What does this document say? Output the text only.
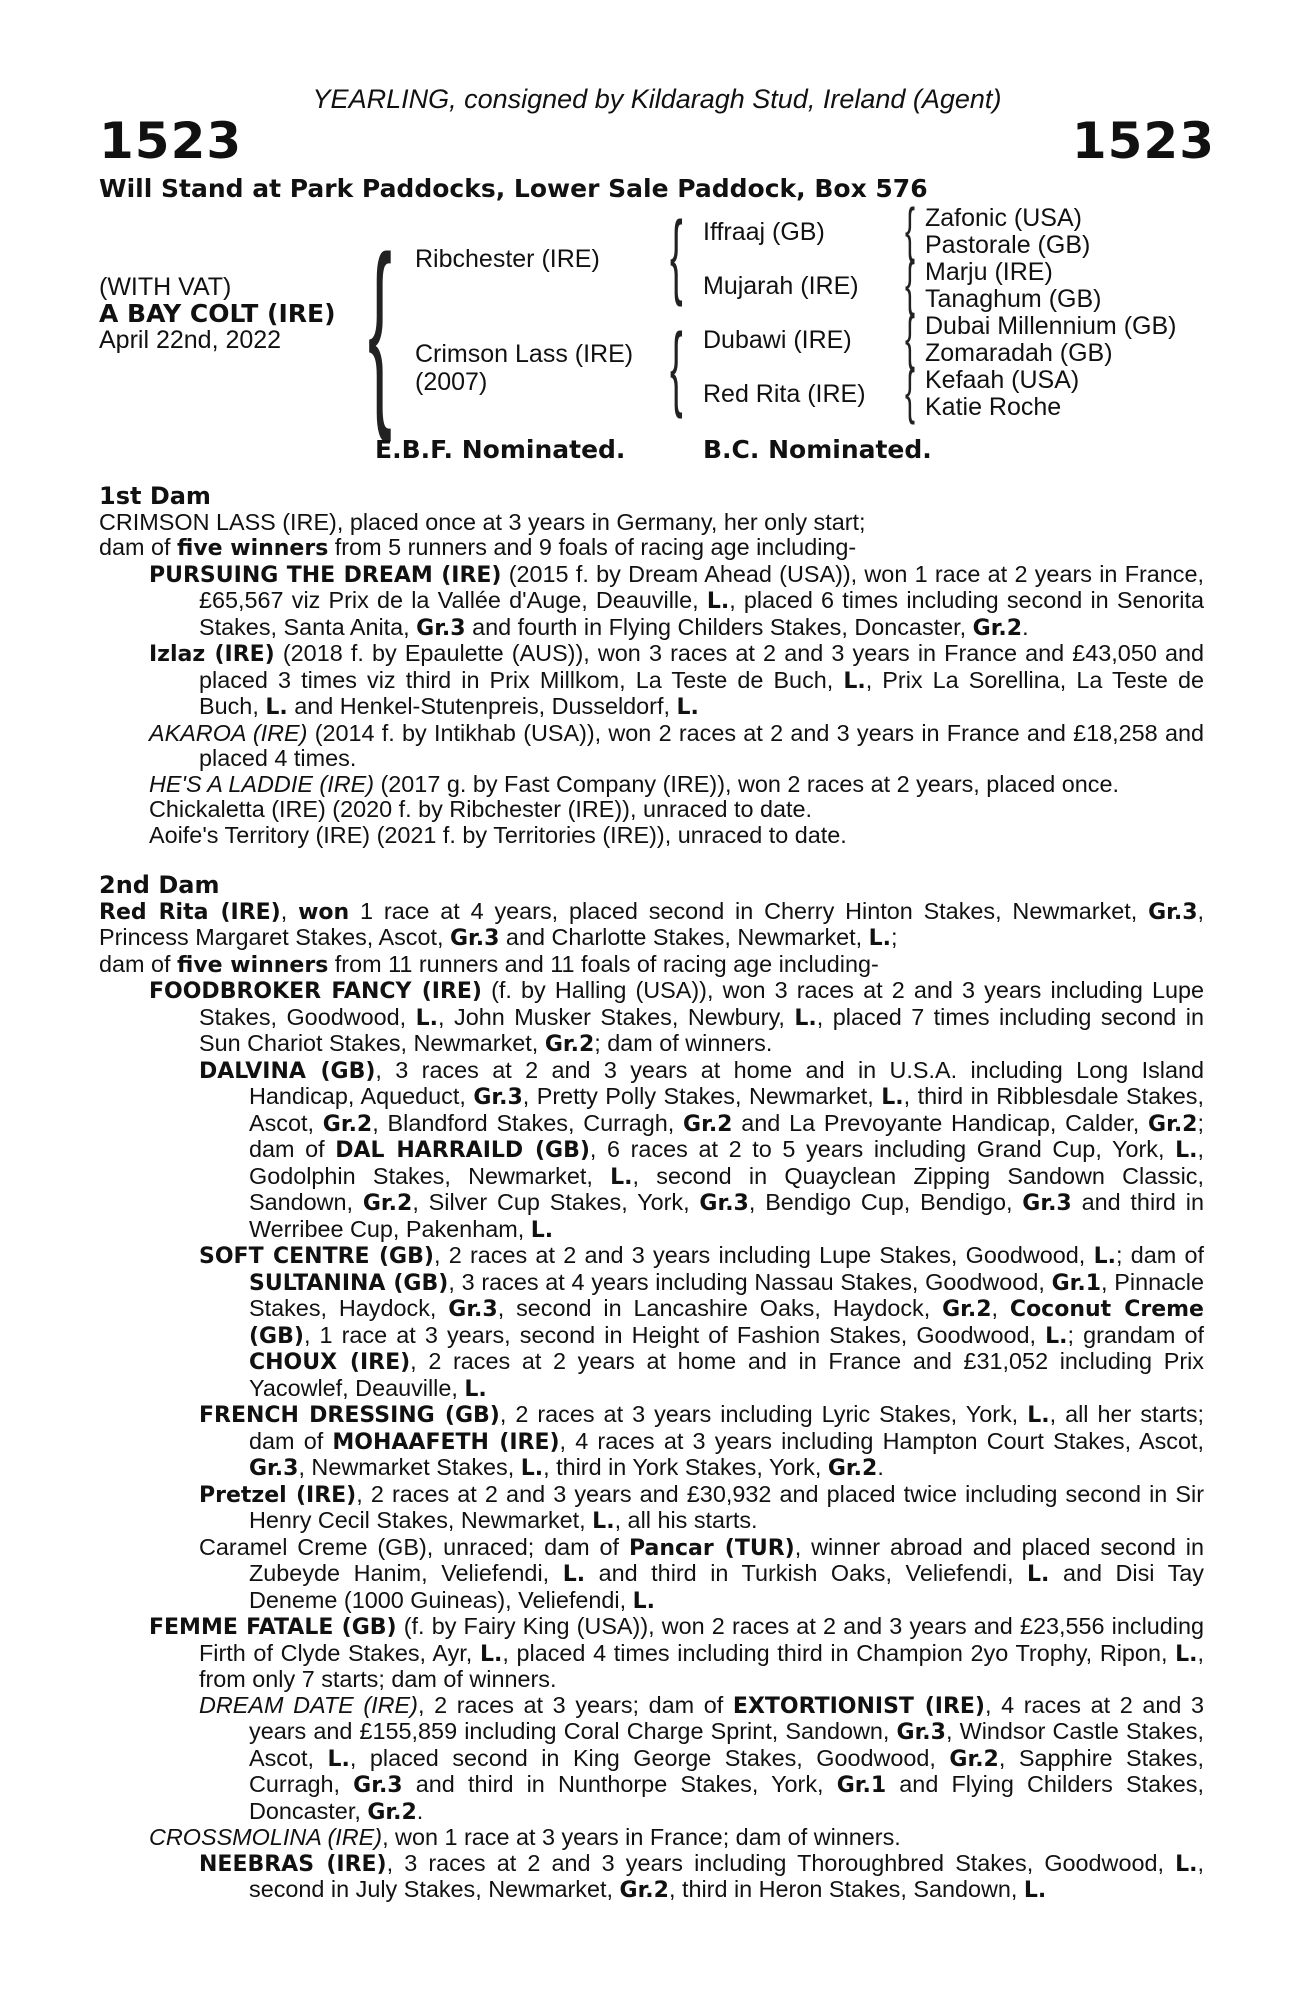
YEARLING, consigned by Kildaragh Stud, Ireland (Agent)
1523	1523
Will Stand at Park Paddocks, Lower Sale Paddock, Box 576
(WITH VAT)
A BAY COLT (IRE)
April 22nd, 2022 { Ribchester (IRE)
Crimson Lass (IRE)
(2007)
{
{
Iffraaj (GB)
Mujarah (IRE)
Dubawi (IRE)
Red Rita (IRE)
{
{
{
{
Zafonic (USA)
Pastorale (GB)
Marju (IRE)
Tanaghum (GB)
Dubai Millennium (GB)
Zomaradah (GB)
Kefaah (USA)
Katie Roche
E.B.F. Nominated.	B.C. Nominated.
1st Dam

CRIMSON LASS (IRE), placed once at 3 years in Germany, her only start;

dam of five winners from 5 runners and 9 foals of racing age including-

PURSUING THE DREAM (IRE) (2015 f. by Dream Ahead (USA)), won 1 race at 2 years in France, £65,567 viz Prix de la Vallée d'Auge, Deauville, L., placed 6 times including second in Senorita Stakes, Santa Anita, Gr.3 and fourth in Flying Childers Stakes, Doncaster, Gr.2.

Izlaz (IRE) (2018 f. by Epaulette (AUS)), won 3 races at 2 and 3 years in France and £43,050 and placed 3 times viz third in Prix Millkom, La Teste de Buch, L., Prix La Sorellina, La Teste de Buch, L. and Henkel-Stutenpreis, Dusseldorf, L.

AKAROA (IRE) (2014 f. by Intikhab (USA)), won 2 races at 2 and 3 years in France and £18,258 and placed 4 times.

HE'S A LADDIE (IRE) (2017 g. by Fast Company (IRE)), won 2 races at 2 years, placed once.

Chickaletta (IRE) (2020 f. by Ribchester (IRE)), unraced to date.

Aoife's Territory (IRE) (2021 f. by Territories (IRE)), unraced to date.

2nd Dam

Red Rita (IRE), won 1 race at 4 years, placed second in Cherry Hinton Stakes, Newmarket, Gr.3, Princess Margaret Stakes, Ascot, Gr.3 and Charlotte Stakes, Newmarket, L.;

dam of five winners from 11 runners and 11 foals of racing age including-

FOODBROKER FANCY (IRE) (f. by Halling (USA)), won 3 races at 2 and 3 years including Lupe Stakes, Goodwood, L., John Musker Stakes, Newbury, L., placed 7 times including second in Sun Chariot Stakes, Newmarket, Gr.2; dam of winners.

DALVINA (GB), 3 races at 2 and 3 years at home and in U.S.A. including Long Island Handicap, Aqueduct, Gr.3, Pretty Polly Stakes, Newmarket, L., third in Ribblesdale Stakes, Ascot, Gr.2, Blandford Stakes, Curragh, Gr.2 and La Prevoyante Handicap, Calder, Gr.2; dam of DAL HARRAILD (GB), 6 races at 2 to 5 years including Grand Cup, York, L., Godolphin Stakes, Newmarket, L., second in Quayclean Zipping Sandown Classic, Sandown, Gr.2, Silver Cup Stakes, York, Gr.3, Bendigo Cup, Bendigo, Gr.3 and third in Werribee Cup, Pakenham, L.

SOFT CENTRE (GB), 2 races at 2 and 3 years including Lupe Stakes, Goodwood, L.; dam of SULTANINA (GB), 3 races at 4 years including Nassau Stakes, Goodwood, Gr.1, Pinnacle Stakes, Haydock, Gr.3, second in Lancashire Oaks, Haydock, Gr.2, Coconut Creme (GB), 1 race at 3 years, second in Height of Fashion Stakes, Goodwood, L.; grandam of CHOUX (IRE), 2 races at 2 years at home and in France and £31,052 including Prix Yacowlef, Deauville, L.

FRENCH DRESSING (GB), 2 races at 3 years including Lyric Stakes, York, L., all her starts; dam of MOHAAFETH (IRE), 4 races at 3 years including Hampton Court Stakes, Ascot, Gr.3, Newmarket Stakes, L., third in York Stakes, York, Gr.2.

Pretzel (IRE), 2 races at 2 and 3 years and £30,932 and placed twice including second in Sir Henry Cecil Stakes, Newmarket, L., all his starts.

Caramel Creme (GB), unraced; dam of Pancar (TUR), winner abroad and placed second in Zubeyde Hanim, Veliefendi, L. and third in Turkish Oaks, Veliefendi, L. and Disi Tay Deneme (1000 Guineas), Veliefendi, L.

FEMME FATALE (GB) (f. by Fairy King (USA)), won 2 races at 2 and 3 years and £23,556 including Firth of Clyde Stakes, Ayr, L., placed 4 times including third in Champion 2yo Trophy, Ripon, L., from only 7 starts; dam of winners.

DREAM DATE (IRE), 2 races at 3 years; dam of EXTORTIONIST (IRE), 4 races at 2 and 3 years and £155,859 including Coral Charge Sprint, Sandown, Gr.3, Windsor Castle Stakes, Ascot, L., placed second in King George Stakes, Goodwood, Gr.2, Sapphire Stakes, Curragh, Gr.3 and third in Nunthorpe Stakes, York, Gr.1 and Flying Childers Stakes, Doncaster, Gr.2.

CROSSMOLINA (IRE), won 1 race at 3 years in France; dam of winners.

NEEBRAS (IRE), 3 races at 2 and 3 years including Thoroughbred Stakes, Goodwood, L., second in July Stakes, Newmarket, Gr.2, third in Heron Stakes, Sandown, L.
